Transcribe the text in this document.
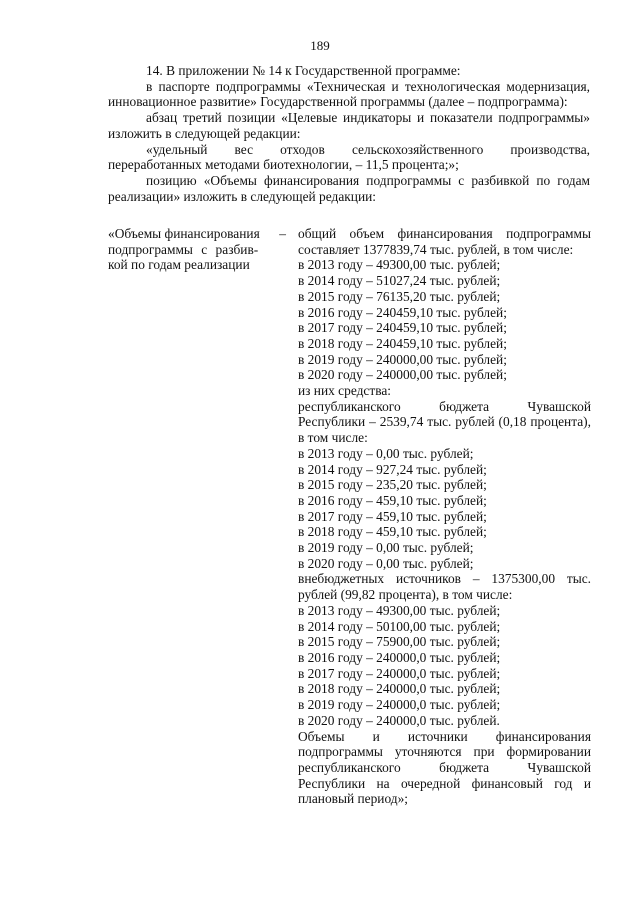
189

14. В приложении № 14 к Государственной программе:

в паспорте подпрограммы «Техническая и технологическая модернизация, инновационное развитие» Государственной программы (далее – подпрограмма):

абзац третий позиции «Целевые индикаторы и показатели подпрограммы» изложить в следующей редакции:

«удельный вес отходов сельскохозяйственного производства, переработанных методами биотехнологии, – 11,5 процента;»;

позицию «Объемы финансирования подпрограммы с разбивкой по годам реализации» изложить в следующей редакции:

«Объемы финансирования –
подпрограммы с разбив-
кой по годам реализации
общий объем финансирования подпрограммы составляет 1377839,74 тыс. рублей, в том числе:
в 2013 году – 49300,00 тыс. рублей;
в 2014 году – 51027,24 тыс. рублей;
в 2015 году – 76135,20 тыс. рублей;
в 2016 году – 240459,10 тыс. рублей;
в 2017 году – 240459,10 тыс. рублей;
в 2018 году – 240459,10 тыс. рублей;
в 2019 году – 240000,00 тыс. рублей;
в 2020 году – 240000,00 тыс. рублей;
из них средства:
республиканского бюджета Чувашской Республики – 2539,74 тыс. рублей (0,18 процента), в том числе:
в 2013 году – 0,00 тыс. рублей;
в 2014 году – 927,24 тыс. рублей;
в 2015 году – 235,20 тыс. рублей;
в 2016 году – 459,10 тыс. рублей;
в 2017 году – 459,10 тыс. рублей;
в 2018 году – 459,10 тыс. рублей;
в 2019 году – 0,00 тыс. рублей;
в 2020 году – 0,00 тыс. рублей;
внебюджетных источников – 1375300,00 тыс. рублей (99,82 процента), в том числе:
в 2013 году – 49300,00 тыс. рублей;
в 2014 году – 50100,00 тыс. рублей;
в 2015 году – 75900,00 тыс. рублей;
в 2016 году – 240000,0 тыс. рублей;
в 2017 году – 240000,0 тыс. рублей;
в 2018 году – 240000,0 тыс. рублей;
в 2019 году – 240000,0 тыс. рублей;
в 2020 году – 240000,0 тыс. рублей.
Объемы и источники финансирования подпрограммы уточняются при формировании республиканского бюджета Чувашской Республики на очередной финансовый год и плановый период»;
